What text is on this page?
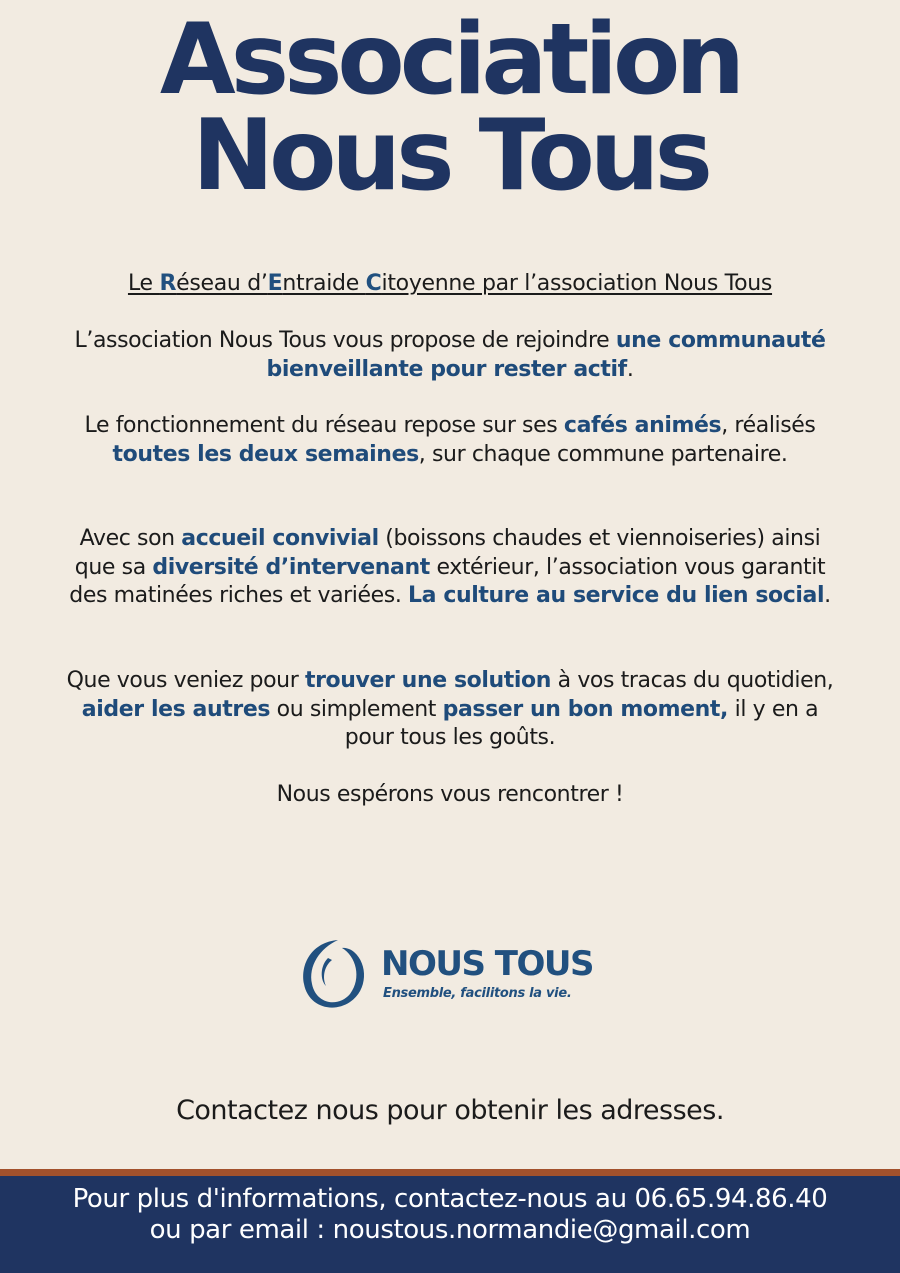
Association
Nous Tous
Le Réseau d’Entraide Citoyenne par l’association Nous Tous
L’association Nous Tous vous propose de rejoindre une communauté bienveillante pour rester actif.
Le fonctionnement du réseau repose sur ses cafés animés, réalisés toutes les deux semaines, sur chaque commune partenaire.
Avec son accueil convivial (boissons chaudes et viennoiseries) ainsi que sa diversité d’intervenant extérieur, l’association vous garantit des matinées riches et variées. La culture au service du lien social.
Que vous veniez pour trouver une solution à vos tracas du quotidien, aider les autres ou simplement passer un bon moment, il y en a pour tous les goûts.
Nous espérons vous rencontrer !
NOUS TOUS
Ensemble, facilitons la vie.
Contactez nous pour obtenir les adresses.
Pour plus d'informations, contactez-nous au 06.65.94.86.40
ou par email : noustous.normandie@gmail.com
